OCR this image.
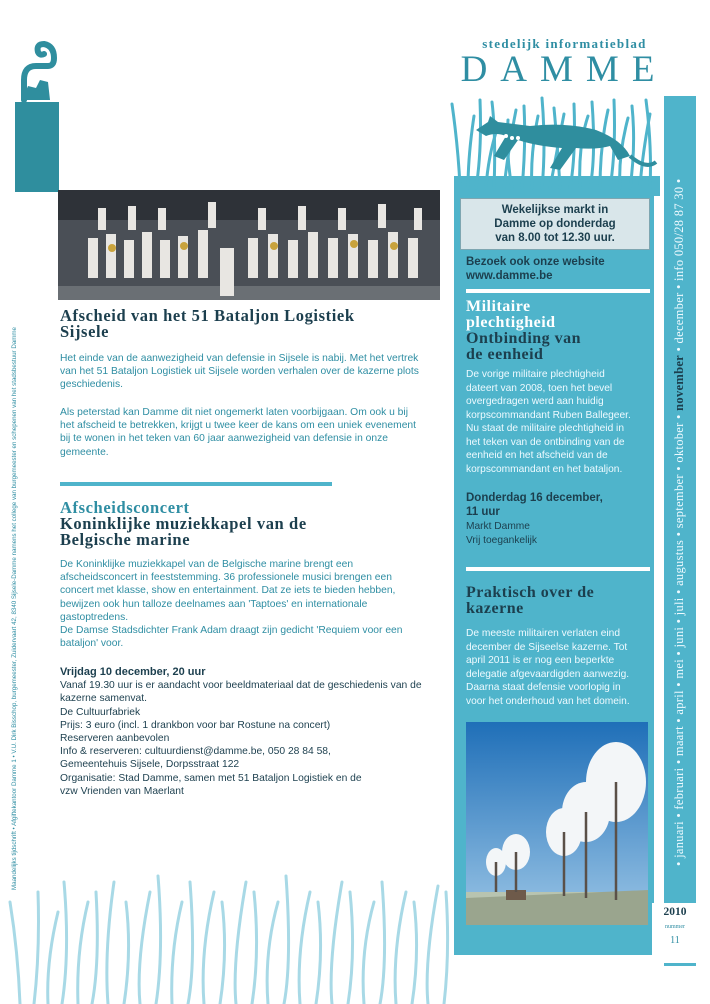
Maandelijks tijdschrift • Afgiftekantoor Damme 1 • V.U. Dirk Bisschop, burgemeester, Zuidervaart 42, 8340 Sijsele-Damme namens het college van burgemeester en schepenen van het stadsbestuur Damme
stedelijk informatieblad
DAMME
Wekelijkse markt in
Damme op donderdag
van 8.00 tot 12.30 uur.
Bezoek ook onze website
www.damme.be
Militaire
plechtigheid
Ontbinding van
de eenheid
De vorige militaire plechtigheid
dateert van 2008, toen het bevel
overgedragen werd aan huidig
korpscommandant Ruben Ballegeer.
Nu staat de militaire plechtigheid in
het teken van de ontbinding van de
eenheid en het afscheid van de
korpscommandant en het bataljon.
Donderdag 16 december,
11 uur
Markt Damme
Vrij toegankelijk
Praktisch over de
kazerne
De meeste militairen verlaten eind
december de Sijseelse kazerne. Tot
april 2011 is er nog een beperkte
delegatie afgevaardigden aanwezig.
Daarna staat defensie voorlopig in
voor het onderhoud van het domein.	• januari • februari • maart • april • mei • juni • juli • augustus • september • oktober • november • december • info 050/28 87 30 •
2010
nummer
11
Afscheid van het 51 Bataljon Logistiek
Sijsele
Het einde van de aanwezigheid van defensie in Sijsele is nabij. Met het vertrek
van het 51 Bataljon Logistiek uit Sijsele worden verhalen over de kazerne plots
geschiedenis.
Als peterstad kan Damme dit niet ongemerkt laten voorbijgaan. Om ook u bij
het afscheid te betrekken, krijgt u twee keer de kans om een uniek evenement
bij te wonen in het teken van 60 jaar aanwezigheid van defensie in onze
gemeente.
Afscheidsconcert
Koninklijke muziekkapel van de
Belgische marine
De Koninklijke muziekkapel van de Belgische marine brengt een
afscheidsconcert in feeststemming. 36 professionele musici brengen een
concert met klasse, show en entertainment. Dat ze iets te bieden hebben,
bewijzen ook hun talloze deelnames aan 'Taptoes' en internationale
gastoptredens.
De Damse Stadsdichter Frank Adam draagt zijn gedicht 'Requiem voor een
bataljon' voor.
Vrijdag 10 december, 20 uur
Vanaf 19.30 uur is er aandacht voor beeldmateriaal dat de geschiedenis van de
kazerne samenvat.
De Cultuurfabriek
Prijs: 3 euro (incl. 1 drankbon voor bar Rostune na concert)
Reserveren aanbevolen
Info & reserveren: cultuurdienst@damme.be, 050 28 84 58,
Gemeentehuis Sijsele, Dorpsstraat 122
Organisatie: Stad Damme, samen met 51 Bataljon Logistiek en de
vzw Vrienden van Maerlant
